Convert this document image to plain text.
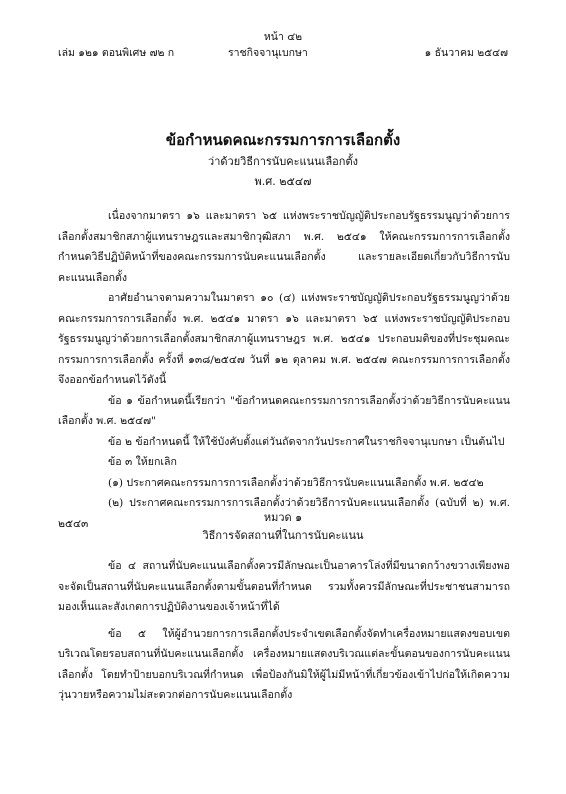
หน้า ๔๒
เล่ม ๑๒๑ ตอนพิเศษ ๗๒ ก	ราชกิจจานุเบกษา	๑ ธันวาคม ๒๕๔๗
ข้อกำหนดคณะกรรมการการเลือกตั้ง
ว่าด้วยวิธีการนับคะแนนเลือกตั้ง
พ.ศ. ๒๕๔๗

เนื่องจากมาตรา ๑๖ และมาตรา ๖๕ แห่งพระราชบัญญัติประกอบรัฐธรรมนูญว่าด้วยการเลือกตั้งสมาชิกสภาผู้แทนราษฎรและสมาชิกวุฒิสภา พ.ศ. ๒๕๔๑ ให้คณะกรรมการการเลือกตั้งกำหนดวิธีปฏิบัติหน้าที่ของคณะกรรมการนับคะแนนเลือกตั้ง และรายละเอียดเกี่ยวกับวิธีการนับคะแนนเลือกตั้ง

อาศัยอำนาจตามความในมาตรา ๑๐ (๔) แห่งพระราชบัญญัติประกอบรัฐธรรมนูญว่าด้วยคณะกรรมการการเลือกตั้ง พ.ศ. ๒๕๔๑ มาตรา ๑๖ และมาตรา ๖๕ แห่งพระราชบัญญัติประกอบรัฐธรรมนูญว่าด้วยการเลือกตั้งสมาชิกสภาผู้แทนราษฎร พ.ศ. ๒๕๔๑ ประกอบมติของที่ประชุมคณะกรรมการการเลือกตั้ง ครั้งที่ ๑๓๘/๒๕๔๗ วันที่ ๑๒ ตุลาคม พ.ศ. ๒๕๔๗ คณะกรรมการการเลือกตั้งจึงออกข้อกำหนดไว้ดังนี้

ข้อ ๑ ข้อกำหนดนี้เรียกว่า "ข้อกำหนดคณะกรรมการการเลือกตั้งว่าด้วยวิธีการนับคะแนนเลือกตั้ง พ.ศ. ๒๕๔๗"

ข้อ ๒ ข้อกำหนดนี้ ให้ใช้บังคับตั้งแต่วันถัดจากวันประกาศในราชกิจจานุเบกษา เป็นต้นไป

ข้อ ๓ ให้ยกเลิก

(๑) ประกาศคณะกรรมการการเลือกตั้งว่าด้วยวิธีการนับคะแนนเลือกตั้ง พ.ศ. ๒๕๔๒

(๒) ประกาศคณะกรรมการการเลือกตั้งว่าด้วยวิธีการนับคะแนนเลือกตั้ง (ฉบับที่ ๒) พ.ศ. ๒๕๔๓	หมวด ๑
วิธีการจัดสถานที่ในการนับคะแนน

ข้อ ๔ สถานที่นับคะแนนเลือกตั้งควรมีลักษณะเป็นอาคารโล่งที่มีขนาดกว้างขวางเพียงพอจะจัดเป็นสถานที่นับคะแนนเลือกตั้งตามขั้นตอนที่กำหนด รวมทั้งควรมีลักษณะที่ประชาชนสามารถมองเห็นและสังเกตการปฏิบัติงานของเจ้าหน้าที่ได้

ข้อ ๕ ให้ผู้อำนวยการการเลือกตั้งประจำเขตเลือกตั้งจัดทำเครื่องหมายแสดงขอบเขตบริเวณโดยรอบสถานที่นับคะแนนเลือกตั้ง เครื่องหมายแสดงบริเวณแต่ละขั้นตอนของการนับคะแนนเลือกตั้ง โดยทำป้ายบอกบริเวณที่กำหนด เพื่อป้องกันมิให้ผู้ไม่มีหน้าที่เกี่ยวข้องเข้าไปก่อให้เกิดความวุ่นวายหรือความไม่สะดวกต่อการนับคะแนนเลือกตั้ง
